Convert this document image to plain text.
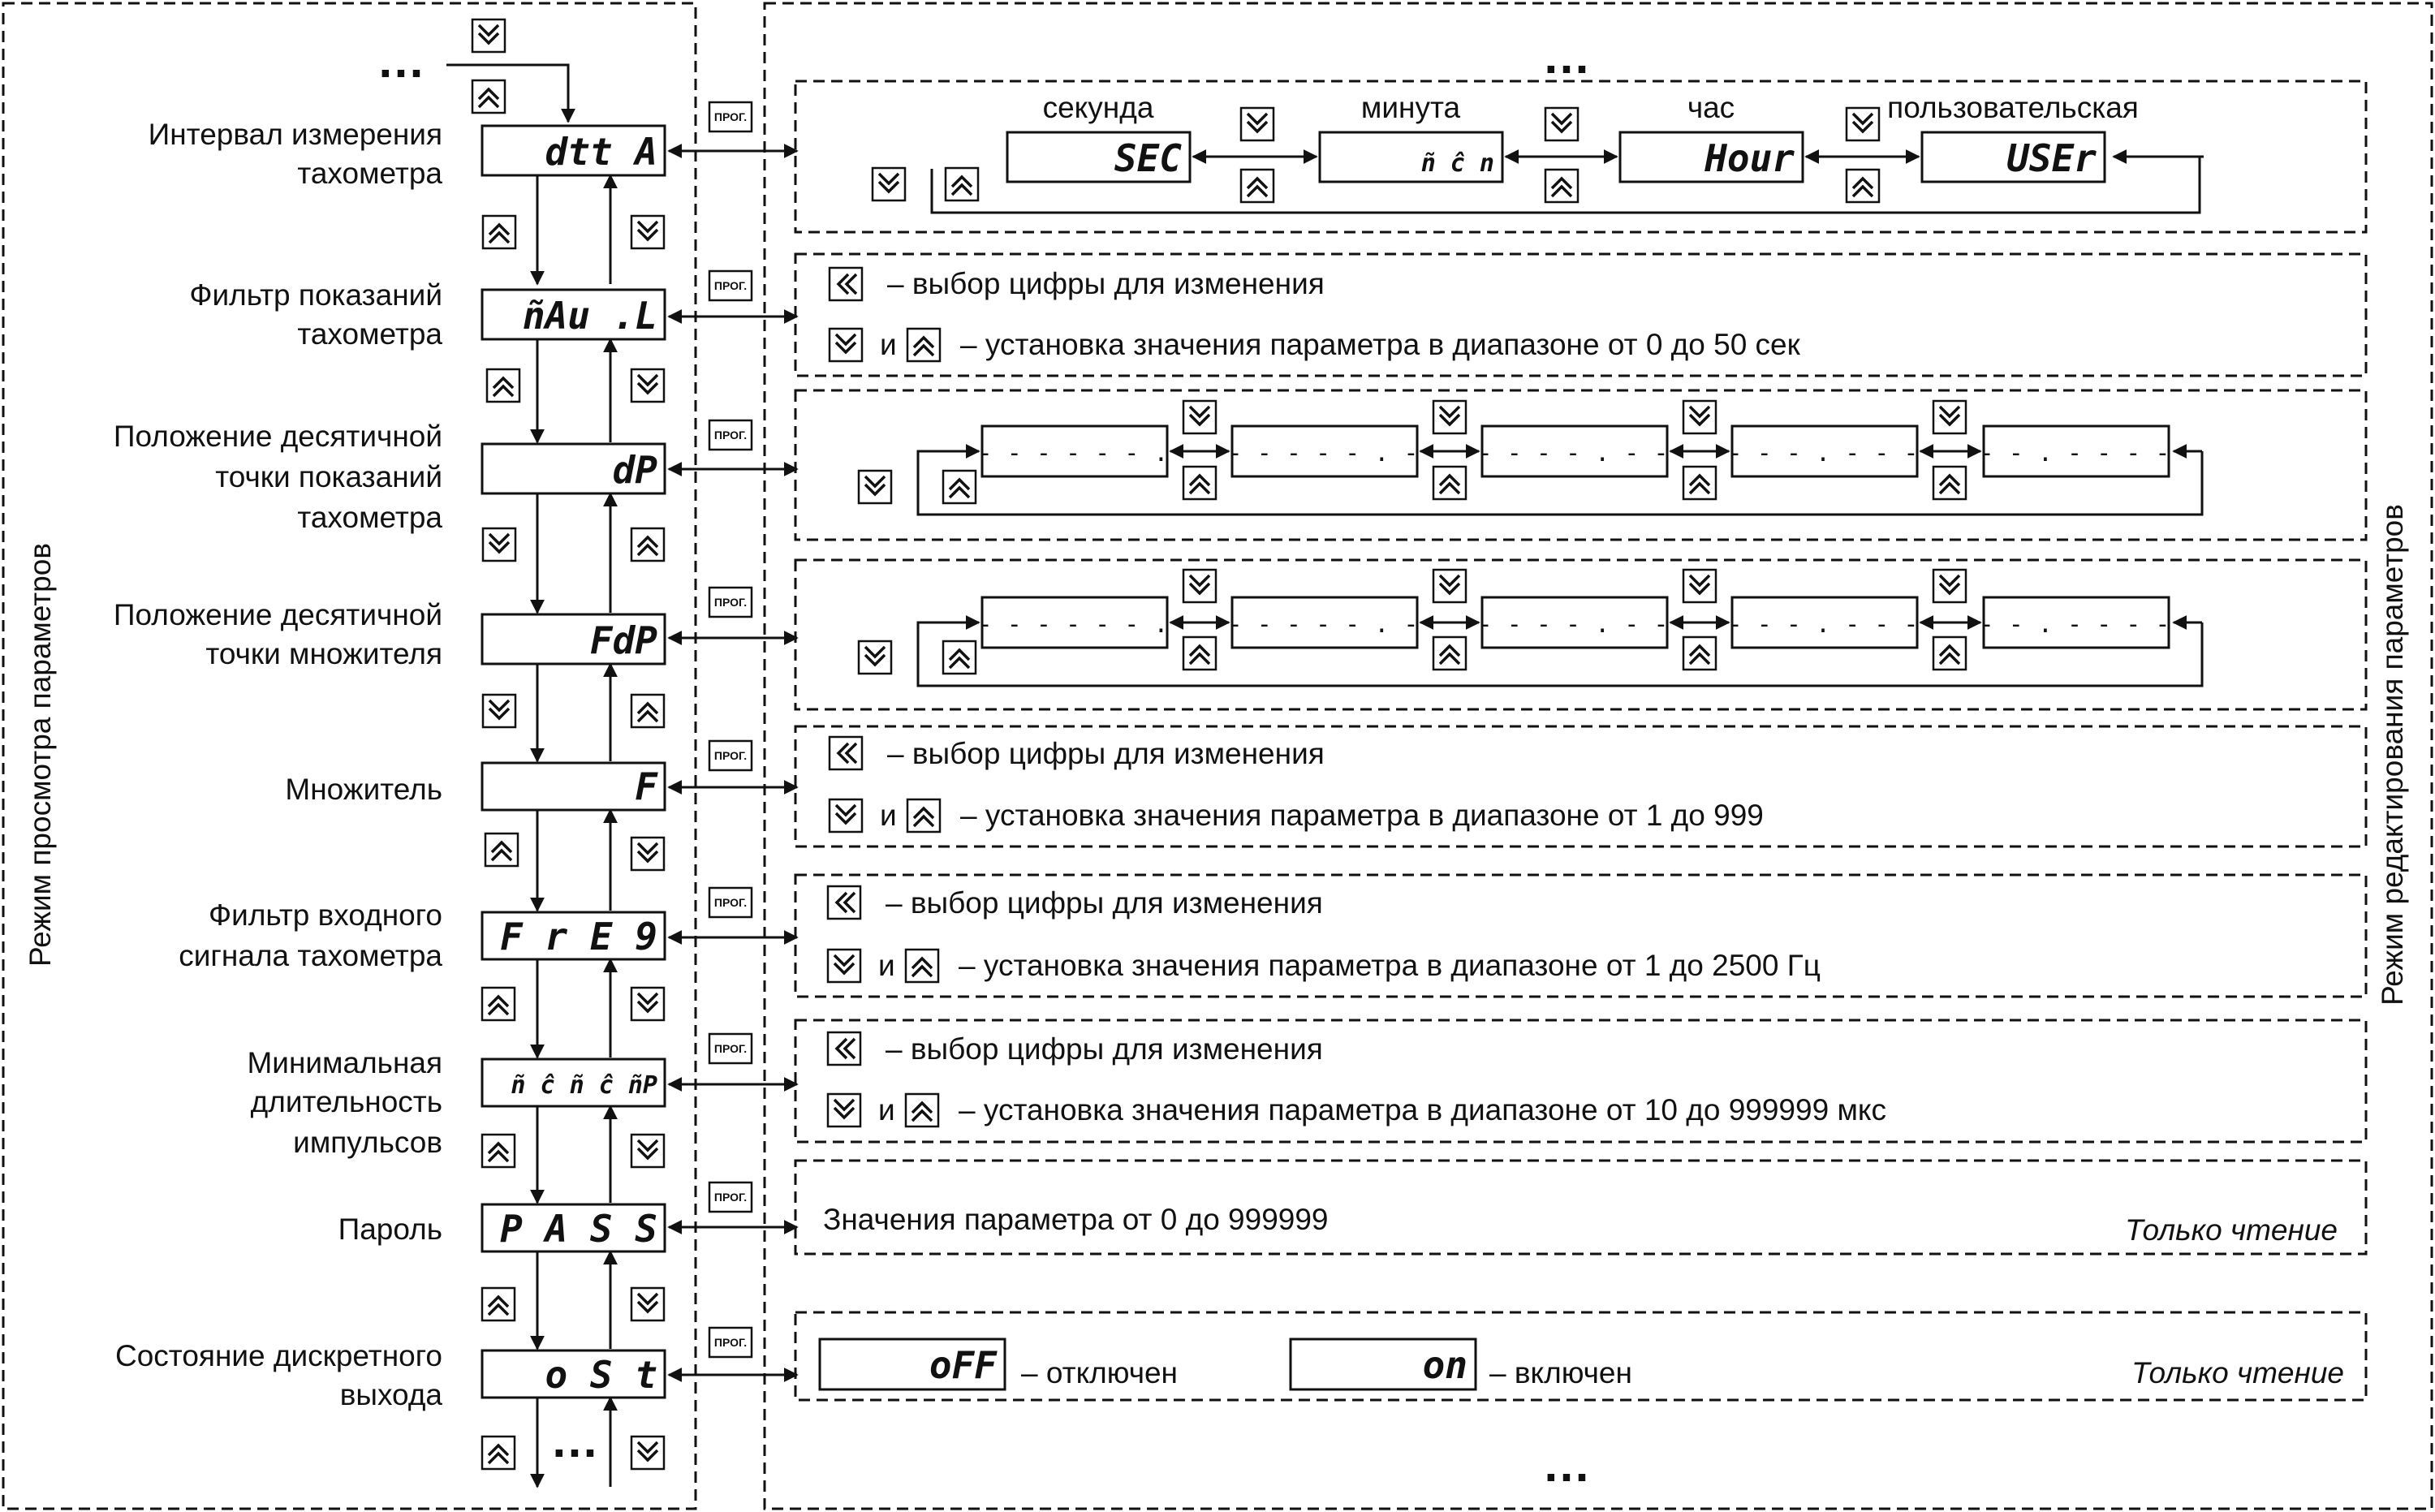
Режим просмотра параметров	Режим редактирования параметров
…	…
…
Интервал измерения
тахометра
Фильтр показаний
тахометра
Положение десятичной
точки показаний
тахометра
Положение десятичной
точки множителя
Множитель
Фильтр входного
сигнала тахометра
Минимальная
длительность
импульсов
Пароль
Состояние дискретного
выхода
…
dtt A
ñAu .L
dP
FdP
F
F r E 9
ñ ĉ ñ ĉ ñP
P A S S
o S t
ПРОГ.
ПРОГ.
ПРОГ.
ПРОГ.
ПРОГ.
ПРОГ.
ПРОГ.
ПРОГ.
ПРОГ.
SEC
секунда
ñ ĉ n
минута
Hour
час
USEr
пользовательская
– выбор цифры для изменения
и – установка значения параметра в диапазоне от 0 до 50 сек
- - - - - - . - - - - - . - - - - - . - - - - - . - - -	- - . - - - -
- - - - - - . - - - - - . - - - - - . - - - - - . - - -	- - . - - - -
– выбор цифры для изменения
и – установка значения параметра в диапазоне от 1 до 999
– выбор цифры для изменения
и – установка значения параметра в диапазоне от 1 до 2500 Гц
– выбор цифры для изменения
и – установка значения параметра в диапазоне от 10 до 999999 мкс
Значения параметра от 0 до 999999	Только чтение
oFF – отключен	on – включен	Только чтение
